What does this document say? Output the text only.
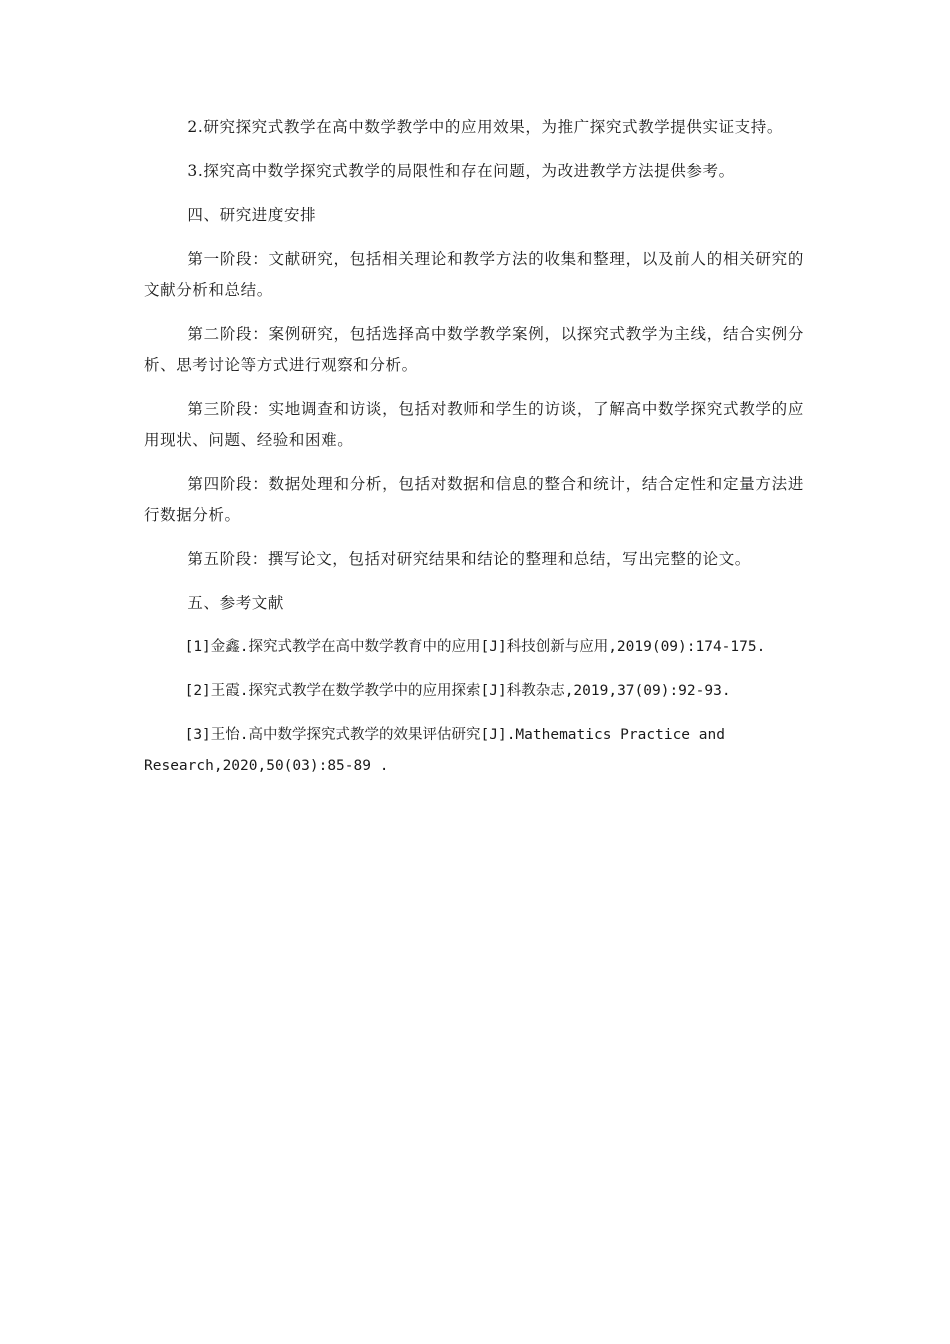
2.研究探究式教学在高中数学教学中的应用效果，为推广探究式教学提供实证支持。

3.探究高中数学探究式教学的局限性和存在问题，为改进教学方法提供参考。

四、研究进度安排

第一阶段：文献研究，包括相关理论和教学方法的收集和整理，以及前人的相关研究的文献分析和总结。

第二阶段：案例研究，包括选择高中数学教学案例，以探究式教学为主线，结合实例分析、思考讨论等方式进行观察和分析。

第三阶段：实地调查和访谈，包括对教师和学生的访谈，了解高中数学探究式教学的应用现状、问题、经验和困难。

第四阶段：数据处理和分析，包括对数据和信息的整合和统计，结合定性和定量方法进行数据分析。

第五阶段：撰写论文，包括对研究结果和结论的整理和总结，写出完整的论文。

五、参考文献

[1]金鑫.探究式教学在高中数学教育中的应用[J]科技创新与应用,2019(09):174-175.

[2]王霞.探究式教学在数学教学中的应用探索[J]科教杂志,2019,37(09):92-93.

[3]王怡.高中数学探究式教学的效果评估研究[J].Mathematics Practice and Research,2020,50(03):85-89 .
